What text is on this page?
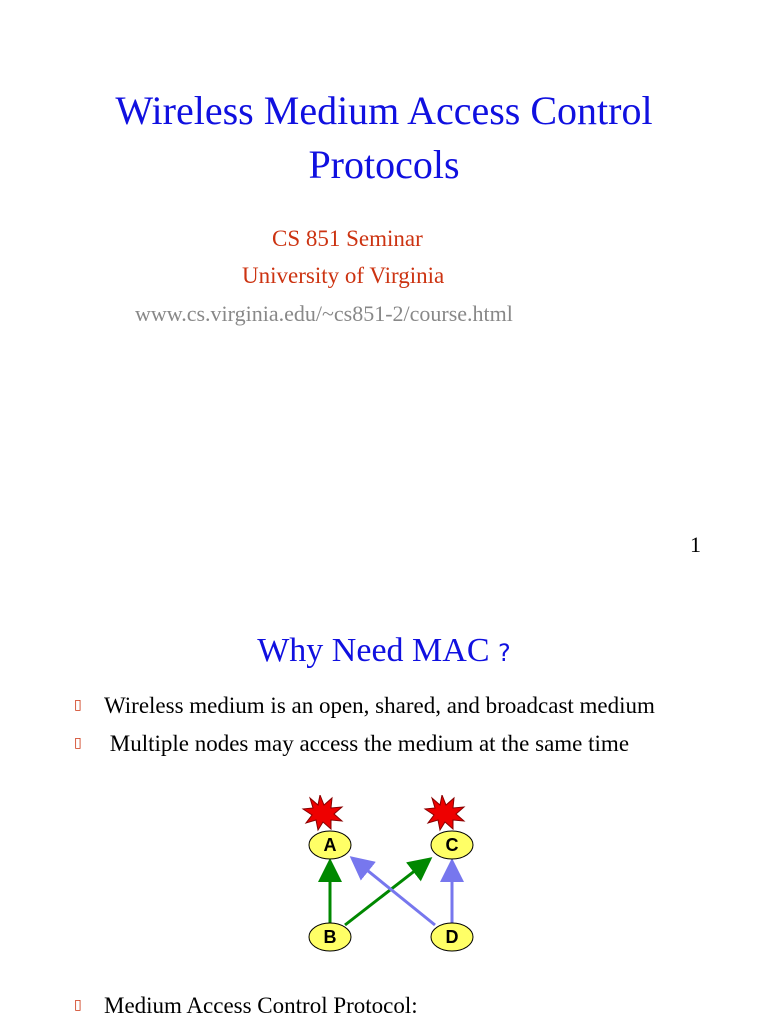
Wireless Medium Access Control
Protocols
CS 851 Seminar
University of Virginia
www.cs.virginia.edu/~cs851-2/course.html
1
Why Need MAC ?
▯ Wireless medium is an open, shared, and broadcast medium
▯ Multiple nodes may access the medium at the same time
A	C
B	D
▯ Medium Access Control Protocol:
